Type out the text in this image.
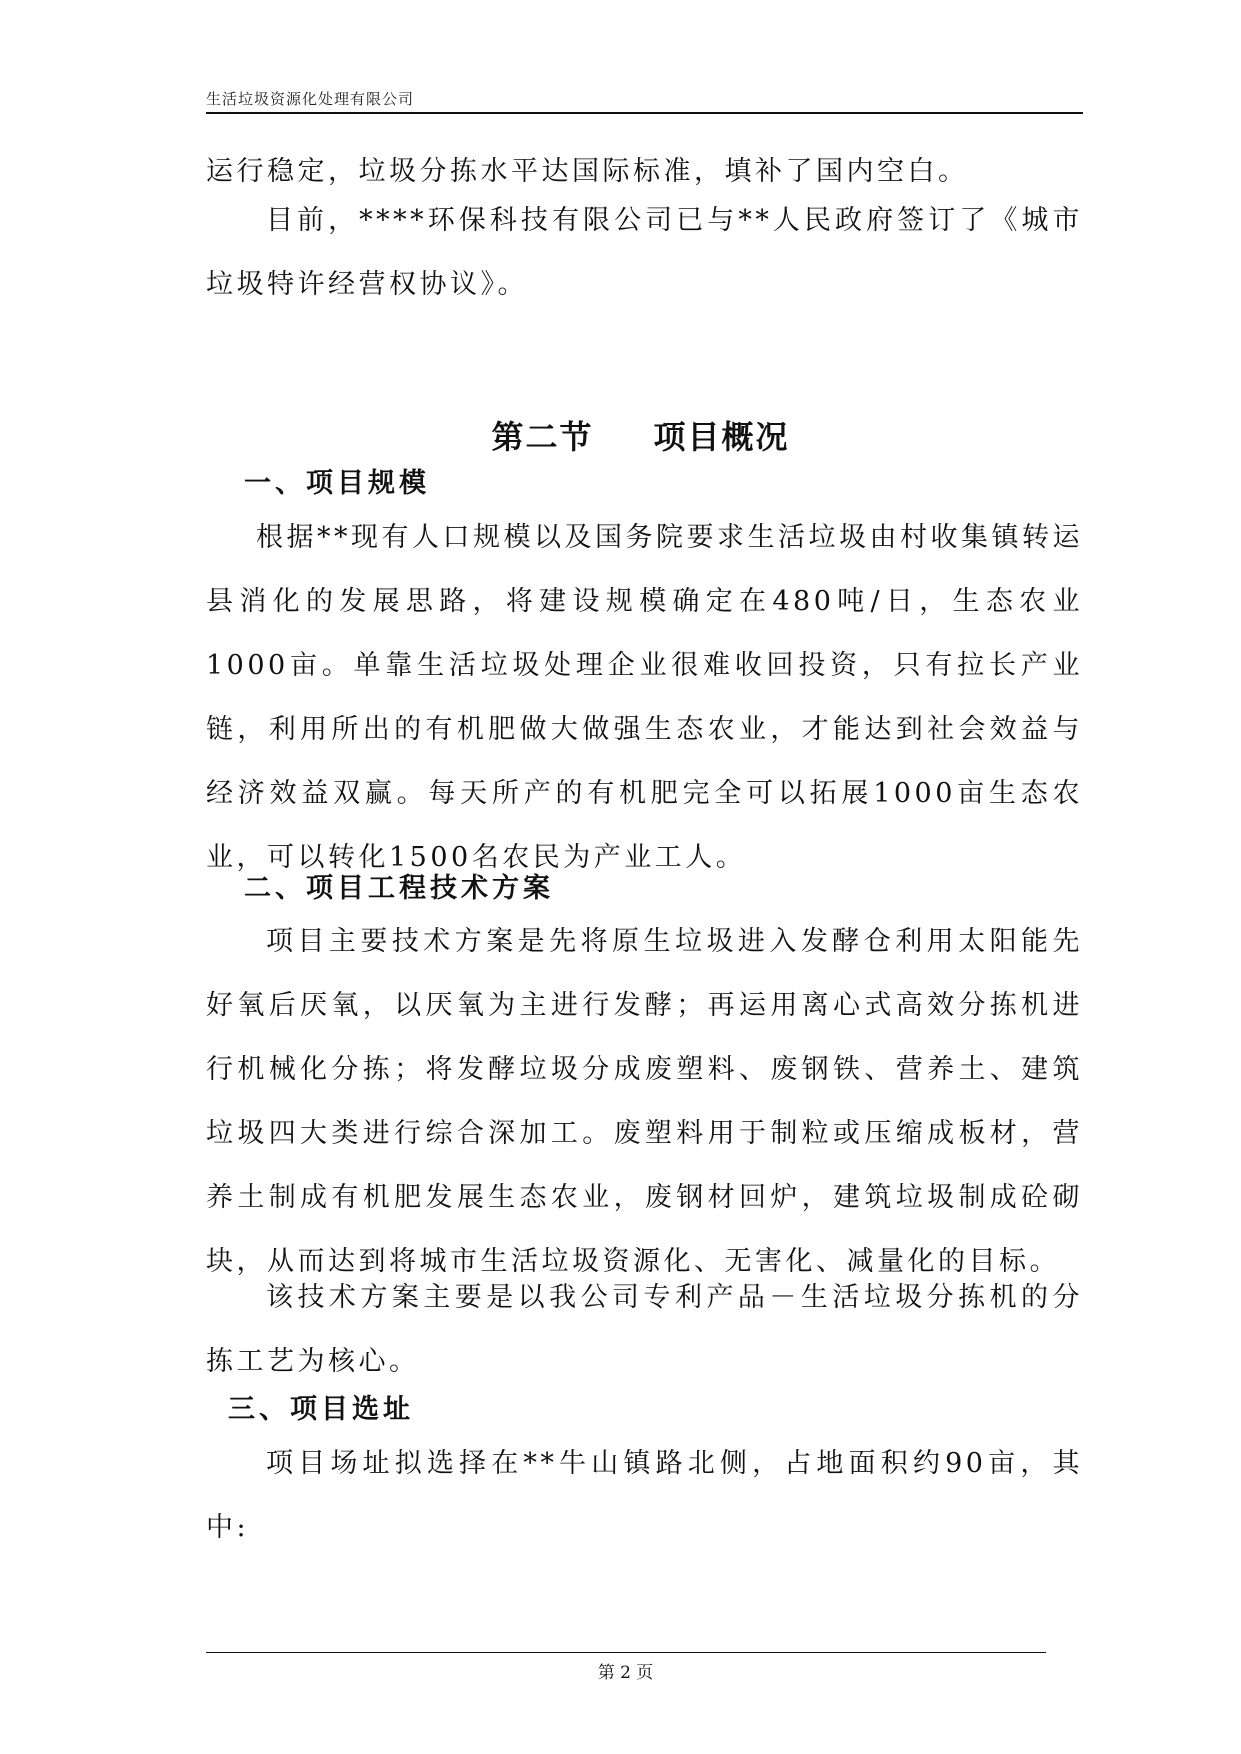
生活垃圾资源化处理有限公司

运行稳定，垃圾分拣水平达国际标准，填补了国内空白。

目前，****环保科技有限公司已与**人民政府签订了《城市垃圾特许经营权协议》。

第二节 项目概况
一、项目规模

根据**现有人口规模以及国务院要求生活垃圾由村收集镇转运县消化的发展思路，将建设规模确定在480吨/日，生态农业1000亩。单靠生活垃圾处理企业很难收回投资，只有拉长产业链，利用所出的有机肥做大做强生态农业，才能达到社会效益与经济效益双赢。每天所产的有机肥完全可以拓展1000亩生态农业，可以转化1500名农民为产业工人。

二、项目工程技术方案

项目主要技术方案是先将原生垃圾进入发酵仓利用太阳能先好氧后厌氧，以厌氧为主进行发酵；再运用离心式高效分拣机进行机械化分拣；将发酵垃圾分成废塑料、废钢铁、营养土、建筑垃圾四大类进行综合深加工。废塑料用于制粒或压缩成板材，营养土制成有机肥发展生态农业，废钢材回炉，建筑垃圾制成砼砌块，从而达到将城市生活垃圾资源化、无害化、减量化的目标。

该技术方案主要是以我公司专利产品－生活垃圾分拣机的分拣工艺为核心。

三、项目选址

项目场址拟选择在**牛山镇路北侧，占地面积约90亩，其中:

第 2 页
